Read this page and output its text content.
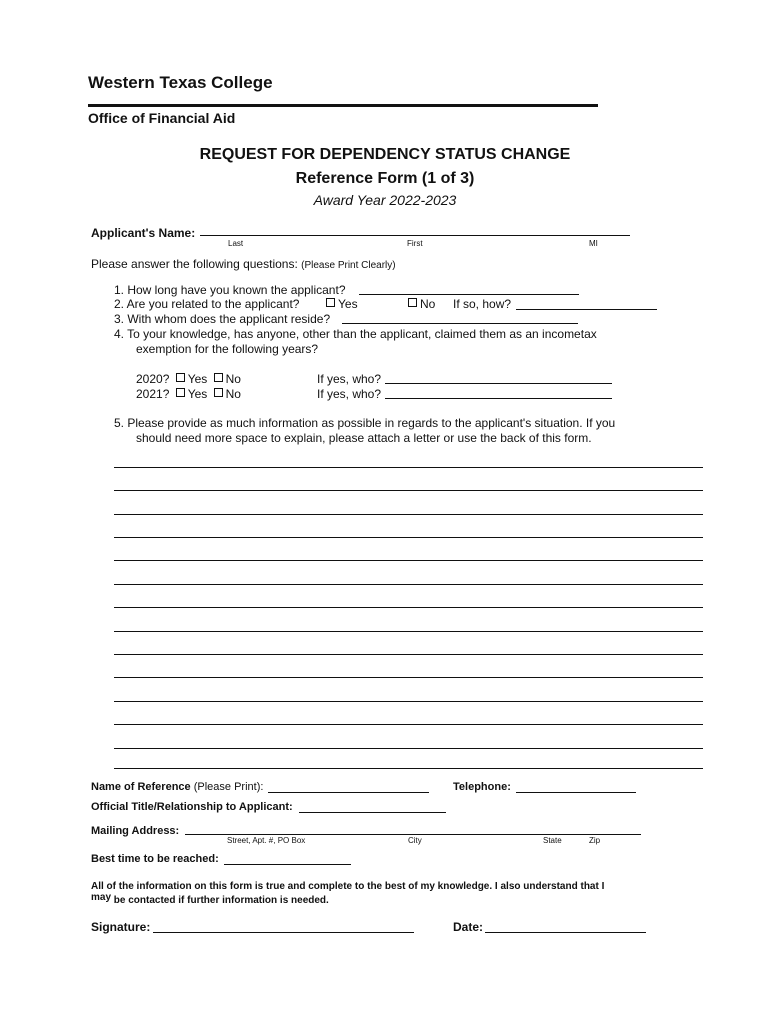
Western Texas College
Office of Financial Aid
REQUEST FOR DEPENDENCY STATUS CHANGE
Reference Form (1 of 3)
Award Year 2022-2023
Applicant's Name:
Last	First	MI
Please answer the following questions: (Please Print Clearly)
1. How long have you known the applicant?
2. Are you related to the applicant?	Yes	No If so, how?
3. With whom does the applicant reside?
4. To your knowledge, has anyone, other than the applicant, claimed them as an incometax
exemption for the following years?
2020? Yes No
2021? Yes No
If yes, who?
If yes, who?
5. Please provide as much information as possible in regards to the applicant's situation. If you
should need more space to explain, please attach a letter or use the back of this form.
Name of Reference (Please Print):	Telephone:
Official Title/Relationship to Applicant:
Mailing Address:
Street, Apt. #, PO Box	City	State	Zip
Best time to be reached:
All of the information on this form is true and complete to the best of my knowledge. I also understand that I
may be contacted if further information is needed.
Signature:	Date:
